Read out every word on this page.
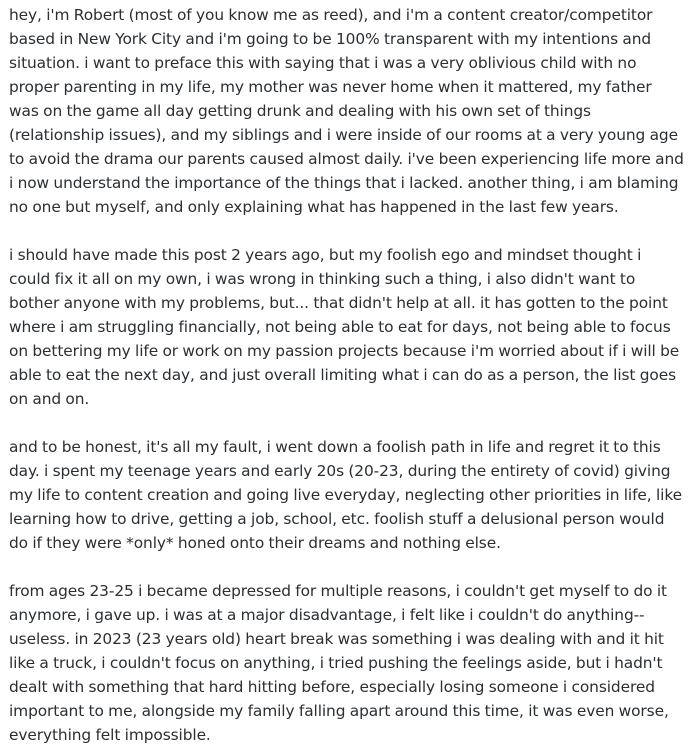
hey, i'm Robert (most of you know me as reed), and i'm a content creator/competitor based in New York City and i'm going to be 100% transparent with my intentions and situation. i want to preface this with saying that i was a very oblivious child with no proper parenting in my life, my mother was never home when it mattered, my father was on the game all day getting drunk and dealing with his own set of things (relationship issues), and my siblings and i were inside of our rooms at a very young age to avoid the drama our parents caused almost daily. i've been experiencing life more and i now understand the importance of the things that i lacked. another thing, i am blaming no one but myself, and only explaining what has happened in the last few years.

i should have made this post 2 years ago, but my foolish ego and mindset thought i could fix it all on my own, i was wrong in thinking such a thing, i also didn't want to bother anyone with my problems, but... that didn't help at all. it has gotten to the point where i am struggling financially, not being able to eat for days, not being able to focus on bettering my life or work on my passion projects because i'm worried about if i will be able to eat the next day, and just overall limiting what i can do as a person, the list goes on and on.

and to be honest, it's all my fault, i went down a foolish path in life and regret it to this day. i spent my teenage years and early 20s (20-23, during the entirety of covid) giving my life to content creation and going live everyday, neglecting other priorities in life, like learning how to drive, getting a job, school, etc. foolish stuff a delusional person would do if they were *only* honed onto their dreams and nothing else.

from ages 23-25 i became depressed for multiple reasons, i couldn't get myself to do it anymore, i gave up. i was at a major disadvantage, i felt like i couldn't do anything-- useless. in 2023 (23 years old) heart break was something i was dealing with and it hit like a truck, i couldn't focus on anything, i tried pushing the feelings aside, but i hadn't dealt with something that hard hitting before, especially losing someone i considered important to me, alongside my family falling apart around this time, it was even worse, everything felt impossible.
